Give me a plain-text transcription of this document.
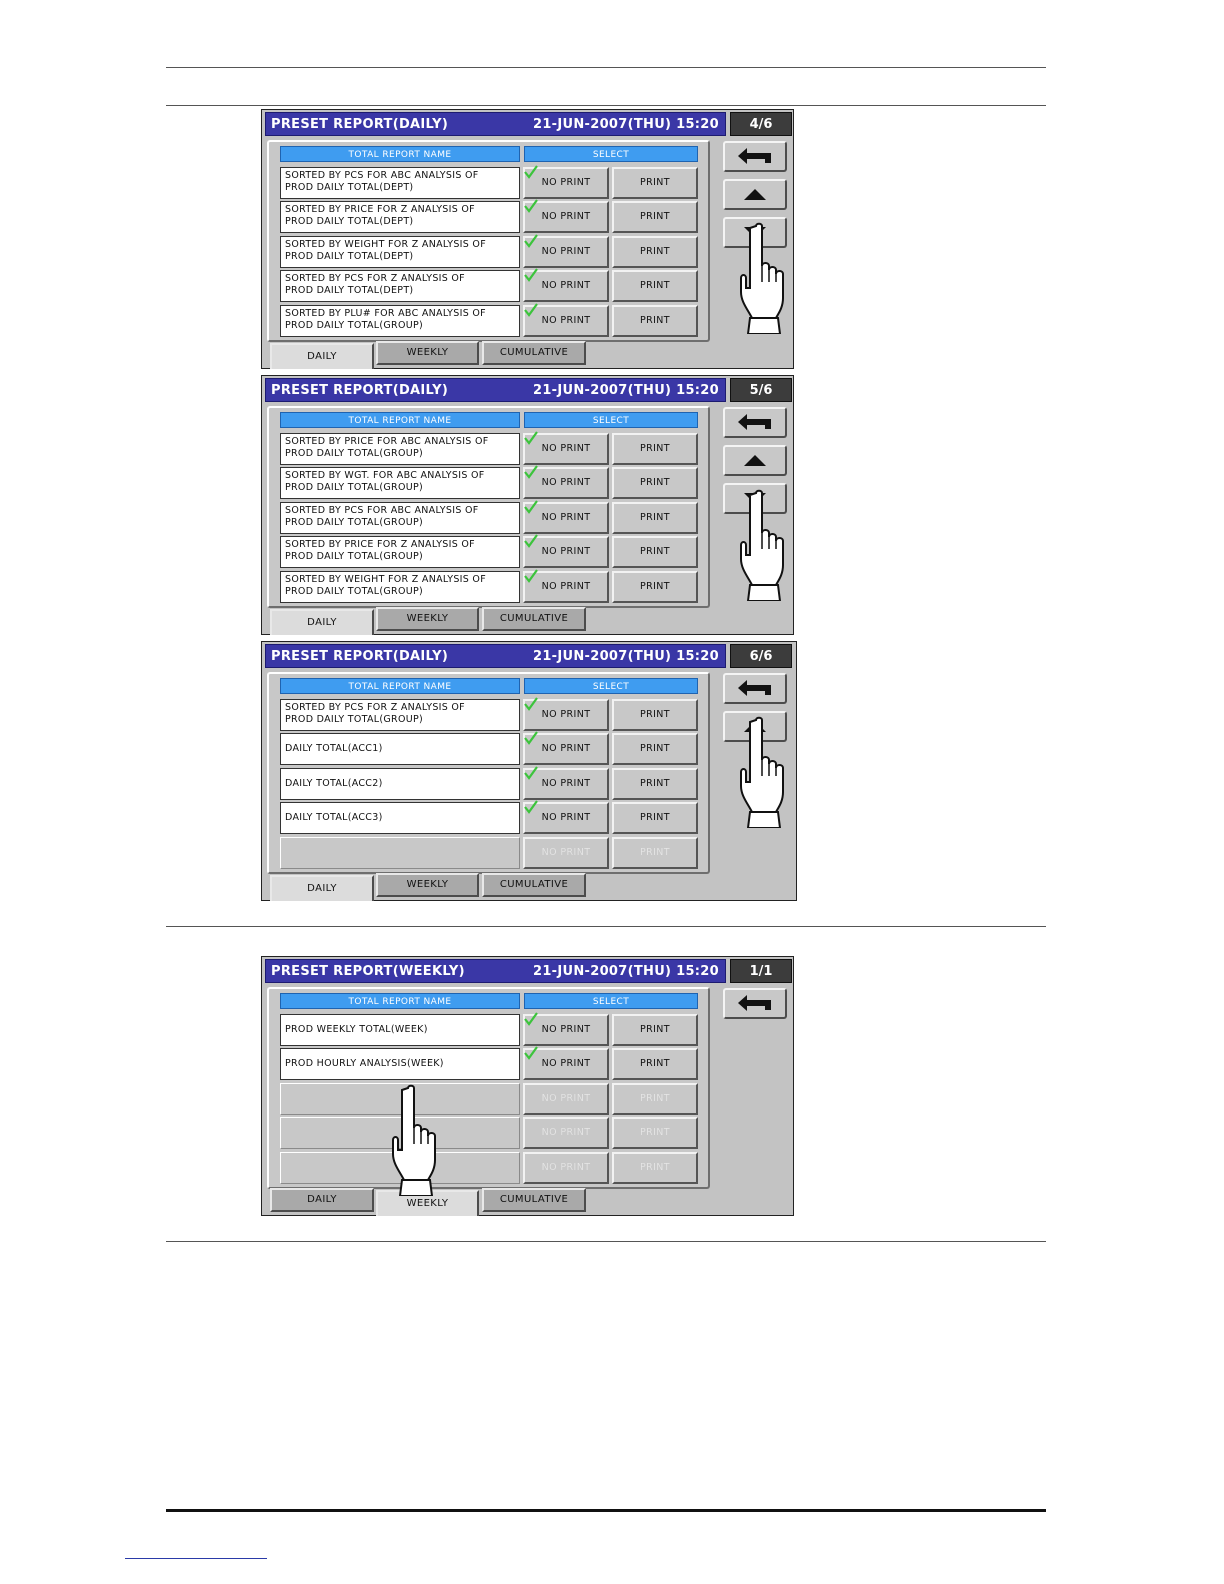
PRESET REPORT(DAILY)	21-JUN-2007(THU) 15:20	4/6
TOTAL REPORT NAME	SELECT
SORTED BY PCS FOR ABC ANALYSIS OF
PROD DAILY TOTAL(DEPT)	NO PRINT	PRINT
SORTED BY PRICE FOR Z ANALYSIS OF
PROD DAILY TOTAL(DEPT)	NO PRINT	PRINT
SORTED BY WEIGHT FOR Z ANALYSIS OF
PROD DAILY TOTAL(DEPT)	NO PRINT	PRINT
SORTED BY PCS FOR Z ANALYSIS OF
PROD DAILY TOTAL(DEPT)	NO PRINT	PRINT
SORTED BY PLU# FOR ABC ANALYSIS OF
PROD DAILY TOTAL(GROUP)	NO PRINT	PRINT
DAILY	WEEKLY	CUMULATIVE
PRESET REPORT(DAILY)	21-JUN-2007(THU) 15:20	5/6
TOTAL REPORT NAME	SELECT
SORTED BY PRICE FOR ABC ANALYSIS OF
PROD DAILY TOTAL(GROUP)	NO PRINT	PRINT
SORTED BY WGT. FOR ABC ANALYSIS OF
PROD DAILY TOTAL(GROUP)	NO PRINT	PRINT
SORTED BY PCS FOR ABC ANALYSIS OF
PROD DAILY TOTAL(GROUP)	NO PRINT	PRINT
SORTED BY PRICE FOR Z ANALYSIS OF
PROD DAILY TOTAL(GROUP)	NO PRINT	PRINT
SORTED BY WEIGHT FOR Z ANALYSIS OF
PROD DAILY TOTAL(GROUP)	NO PRINT	PRINT
DAILY	WEEKLY	CUMULATIVE
PRESET REPORT(DAILY)	21-JUN-2007(THU) 15:20	6/6
TOTAL REPORT NAME	SELECT
SORTED BY PCS FOR Z ANALYSIS OF
PROD DAILY TOTAL(GROUP)	NO PRINT	PRINT
DAILY TOTAL(ACC1)	NO PRINT	PRINT
DAILY TOTAL(ACC2)	NO PRINT	PRINT
DAILY TOTAL(ACC3)	NO PRINT	PRINT
NO PRINT	PRINT
DAILY	WEEKLY	CUMULATIVE
PRESET REPORT(WEEKLY)	21-JUN-2007(THU) 15:20	1/1
TOTAL REPORT NAME	SELECT
PROD WEEKLY TOTAL(WEEK)	NO PRINT	PRINT
PROD HOURLY ANALYSIS(WEEK)	NO PRINT	PRINT
NO PRINT	PRINT
NO PRINT	PRINT
NO PRINT	PRINT
DAILY	WEEKLY	CUMULATIVE
